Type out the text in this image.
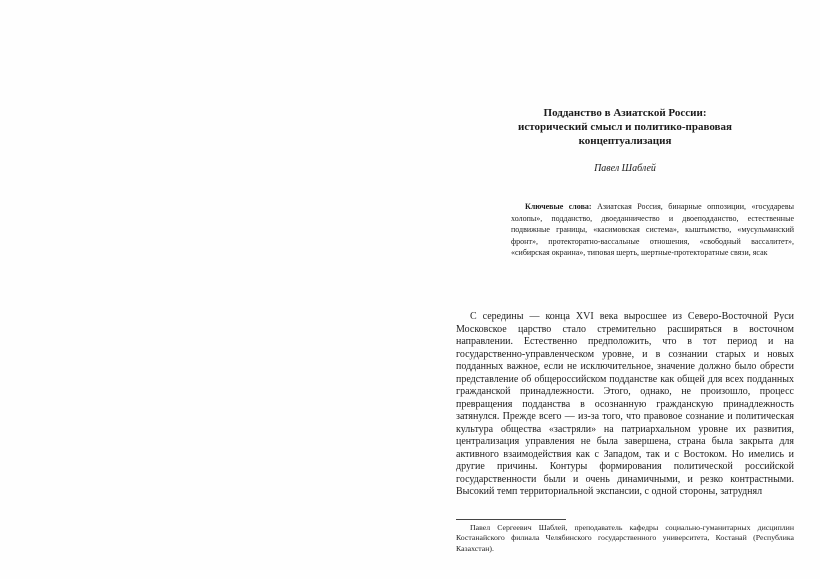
Подданство в Азиатской России:
исторический смысл и политико-правовая
концептуализация
Павел Шаблей
Ключевые слова: Азиатская Россия, бинарные оппозиции, «государевы холопы», подданство, двоеданничество и двоеподданство, естественные подвижные границы, «касимовская система», кыштымство, «мусульманский фронт», протекторатно-вассальные отношения, «свободный вассалитет», «сибирская окраина», типовая шерть, шертные-протекторатные связи, ясак
С середины — конца XVI века выросшее из Северо-Восточной Руси Московское царство стало стремительно расширяться в восточном направлении. Естественно предположить, что в тот период и на государственно-управленческом уровне, и в сознании старых и новых подданных важное, если не исключительное, значение должно было обрести представление об общероссийском подданстве как общей для всех подданных гражданской принадлежности. Этого, однако, не произошло, процесс превращения подданства в осознанную гражданскую принадлежность затянулся. Прежде всего — из-за того, что правовое сознание и политическая культура общества «застряли» на патриархальном уровне их развития, централизация управления не была завершена, страна была закрыта для активного взаимодействия как с Западом, так и с Востоком. Но имелись и другие причины. Контуры формирования политической российской государственности были и очень динамичными, и резко контрастными. Высокий темп территориальной экспансии, с одной стороны, затруднял
Павел Сергеевич Шаблей, преподаватель кафедры социально-гуманитарных дисциплин Костанайского филиала Челябинского государственного университета, Костанай (Республика Казахстан).
